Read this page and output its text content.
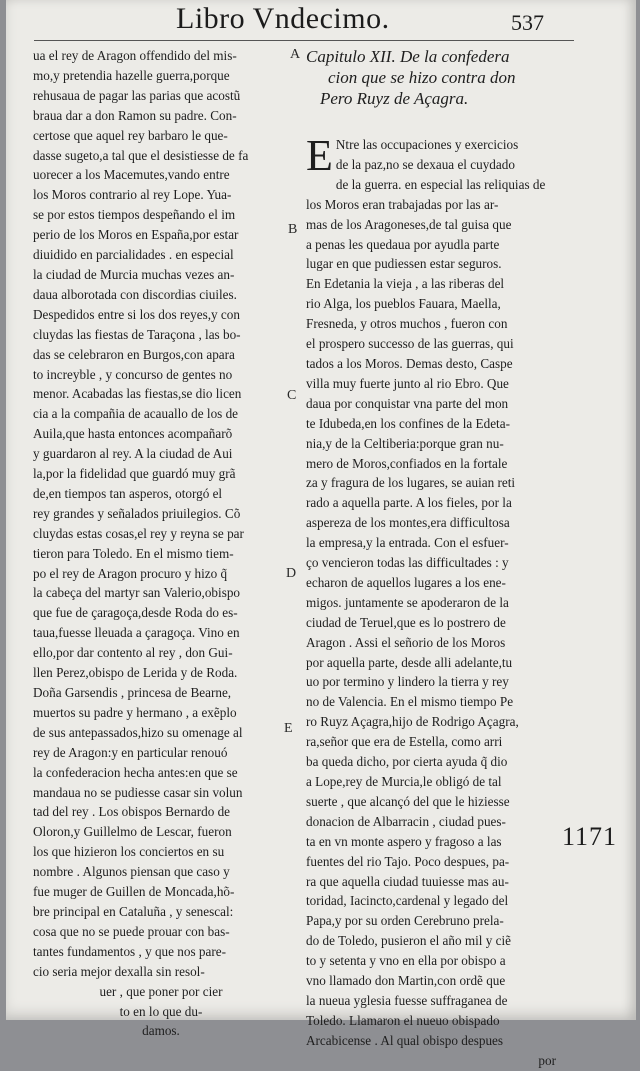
Libro Vndecimo.	537
ua el rey de Aragon offendido del mis-
mo,y pretendia hazelle guerra,porque
rehusaua de pagar las parias que acostũ
braua dar a don Ramon su padre. Con-
certose que aquel rey barbaro le que-
dasse sugeto,a tal que el desistiesse de fa
uorecer a los Macemutes,vando entre
los Moros contrario al rey Lope. Yua-
se por estos tiempos despeñando el im
perio de los Moros en España,por estar
diuidido en parcialidades . en especial
la ciudad de Murcia muchas vezes an-
daua alborotada con discordias ciuiles.
Despedidos entre si los dos reyes,y con
cluydas las fiestas de Taraçona , las bo-
das se celebraron en Burgos,con apara
to increyble , y concurso de gentes no
menor. Acabadas las fiestas,se dio licen
cia a la compañia de acauallo de los de
Auila,que hasta entonces acompañarõ
y guardaron al rey. A la ciudad de Aui
la,por la fidelidad que guardó muy grã
de,en tiempos tan asperos, otorgó el
rey grandes y señalados priuilegios. Cõ
cluydas estas cosas,el rey y reyna se par
tieron para Toledo. En el mismo tiem-
po el rey de Aragon procuro y hizo q̃
la cabeça del martyr san Valerio,obispo
que fue de çaragoça,desde Roda do es-
taua,fuesse lleuada a çaragoça. Vino en
ello,por dar contento al rey , don Gui-
llen Perez,obispo de Lerida y de Roda.
Doña Garsendis , princesa de Bearne,
muertos su padre y hermano , a exẽplo
de sus antepassados,hizo su omenage al
rey de Aragon:y en particular renouó
la confederacion hecha antes:en que se
mandaua no se pudiesse casar sin volun
tad del rey . Los obispos Bernardo de
Oloron,y Guillelmo de Lescar, fueron
los que hizieron los conciertos en su
nombre . Algunos piensan que caso y
fue muger de Guillen de Moncada,hõ-
bre principal en Cataluña , y senescal:
cosa que no se puede prouar con bas-
tantes fundamentos , y que nos pare-
cio seria mejor dexalla sin resol-
uer , que poner por cier
to en lo que du-
damos.
Capitulo XII. De la confedera
cion que se hizo contra don
Pero Ruyz de Açagra.
E Ntre las occupaciones y exercicios
de la paz,no se dexaua el cuydado
de la guerra. en especial las reliquias de
los Moros eran trabajadas por las ar-
mas de los Aragoneses,de tal guisa que
a penas les quedaua por ayudla parte
lugar en que pudiessen estar seguros.
En Edetania la vieja , a las riberas del
rio Alga, los pueblos Fauara, Maella,
Fresneda, y otros muchos , fueron con
el prospero successo de las guerras, qui
tados a los Moros. Demas desto, Caspe
villa muy fuerte junto al rio Ebro. Que
daua por conquistar vna parte del mon
te Idubeda,en los confines de la Edeta-
nia,y de la Celtiberia:porque gran nu-
mero de Moros,confiados en la fortale
za y fragura de los lugares, se auian reti
rado a aquella parte. A los fieles, por la
aspereza de los montes,era difficultosa
la empresa,y la entrada. Con el esfuer-
ço vencieron todas las difficultades : y
echaron de aquellos lugares a los ene-
migos. juntamente se apoderaron de la
ciudad de Teruel,que es lo postrero de
Aragon . Assi el señorio de los Moros
por aquella parte, desde alli adelante,tu
uo por termino y lindero la tierra y rey
no de Valencia. En el mismo tiempo Pe
ro Ruyz Açagra,hijo de Rodrigo Açagra,
ra,señor que era de Estella, como arri
ba queda dicho, por cierta ayuda q̃ dio
a Lope,rey de Murcia,le obligó de tal
suerte , que alcançó del que le hiziesse
donacion de Albarracin , ciudad pues-
ta en vn monte aspero y fragoso a las
fuentes del rio Tajo. Poco despues, pa-
ra que aquella ciudad tuuiesse mas au-
toridad, Iacincto,cardenal y legado del
Papa,y por su orden Cerebruno prela-
do de Toledo, pusieron el año mil y ciẽ
to y setenta y vno en ella por obispo a
vno llamado don Martin,con ordẽ que
la nueua yglesia fuesse suffraganea de
Toledo. Llamaron el nueuo obispado
Arcabicense . Al qual obispo despues
por
A
B
C
D
E
1171
